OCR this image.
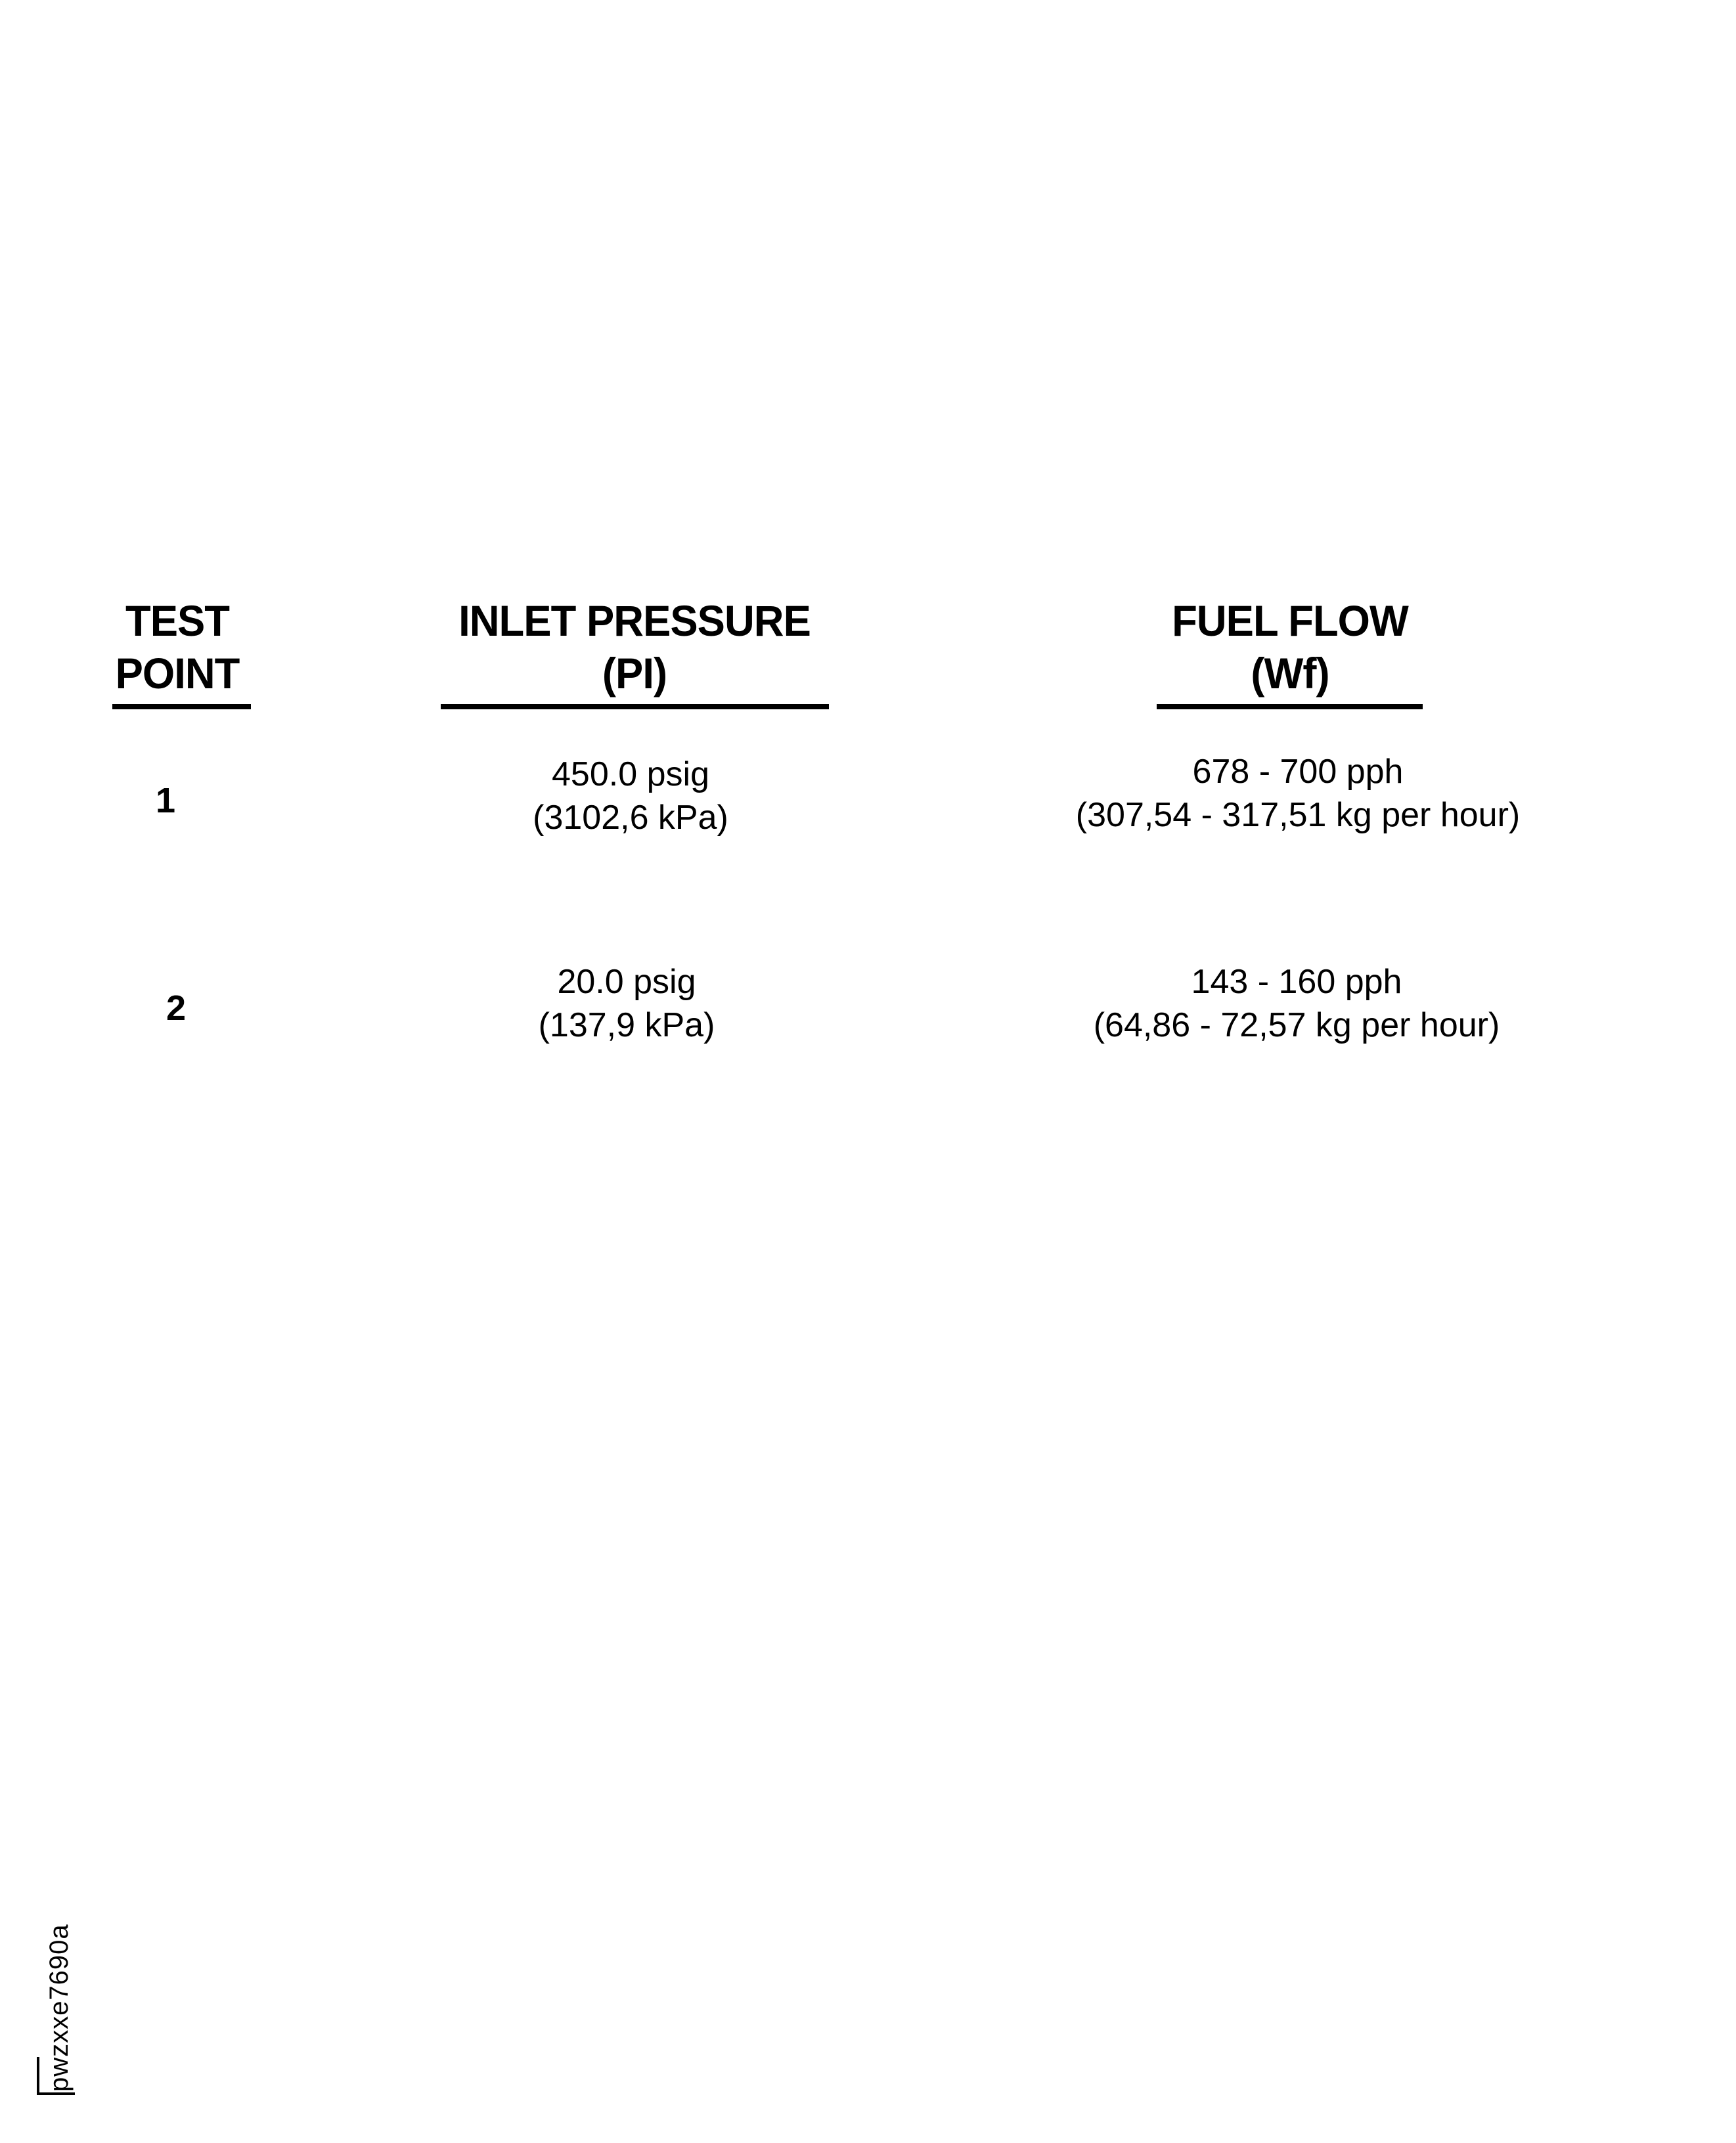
TEST
POINT
INLET PRESSURE
(PI)
FUEL FLOW
(Wf)
1
450.0 psig
(3102,6 kPa)
678 - 700 pph
(307,54 - 317,51 kg per hour)
2
20.0 psig
(137,9 kPa)
143 - 160 pph
(64,86 - 72,57 kg per hour)
pwzxxe7690a
